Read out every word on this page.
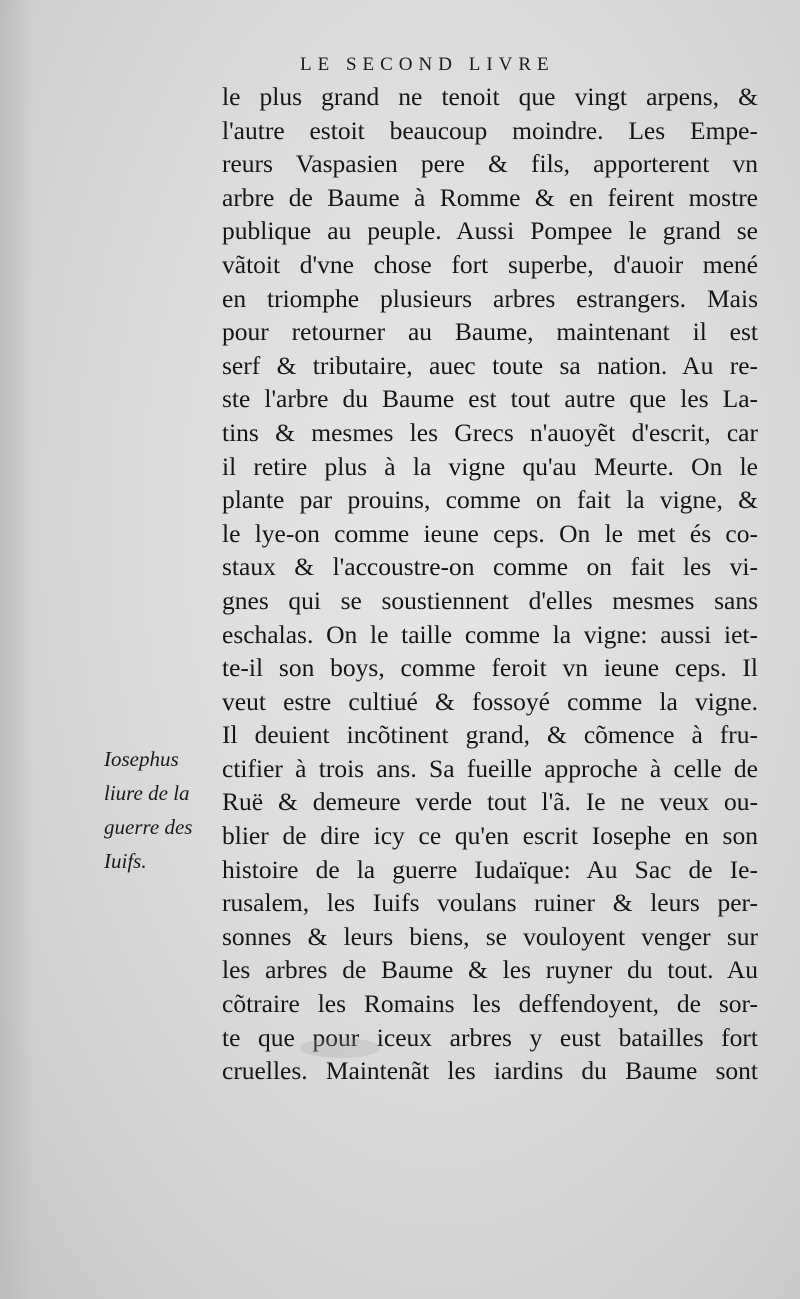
LE SECOND LIVRE
Iosephus
liure de la
guerre des
Iuifs.
le plus grand ne tenoit que vingt arpens, &
l'autre estoit beaucoup moindre. Les Empe-
reurs Vaspasien pere & fils, apporterent vn
arbre de Baume à Romme & en feirent mostre
publique au peuple. Aussi Pompee le grand se
vãtoit d'vne chose fort superbe, d'auoir mené
en triomphe plusieurs arbres estrangers. Mais
pour retourner au Baume, maintenant il est
serf & tributaire, auec toute sa nation. Au re-
ste l'arbre du Baume est tout autre que les La-
tins & mesmes les Grecs n'auoyẽt d'escrit, car
il retire plus à la vigne qu'au Meurte. On le
plante par prouins, comme on fait la vigne, &
le lye-on comme ieune ceps. On le met és co-
staux & l'accoustre-on comme on fait les vi-
gnes qui se soustiennent d'elles mesmes sans
eschalas. On le taille comme la vigne: aussi iet-
te-il son boys, comme feroit vn ieune ceps. Il
veut estre cultiué & fossoyé comme la vigne.
Il deuient incõtinent grand, & cõmence à fru-
ctifier à trois ans. Sa fueille approche à celle de
Ruë & demeure verde tout l'ã. Ie ne veux ou-
blier de dire icy ce qu'en escrit Iosephe en son
histoire de la guerre Iudaïque: Au Sac de Ie-
rusalem, les Iuifs voulans ruiner & leurs per-
sonnes & leurs biens, se vouloyent venger sur
les arbres de Baume & les ruyner du tout. Au
cõtraire les Romains les deffendoyent, de sor-
te que pour iceux arbres y eust batailles fort
cruelles. Maintenãt les iardins du Baume sont
